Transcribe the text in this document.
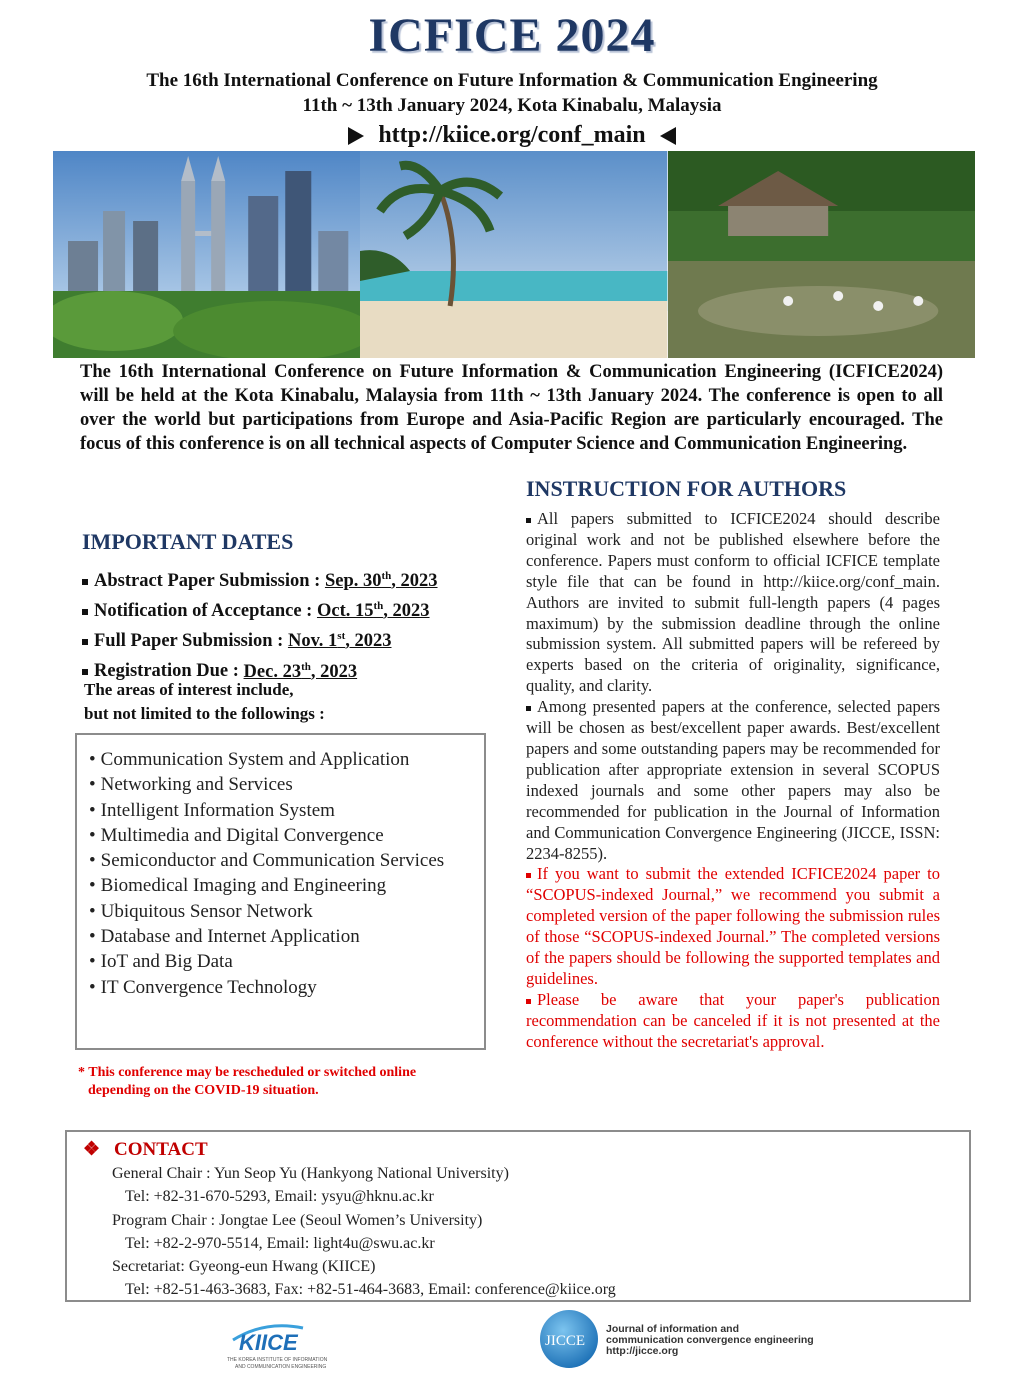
ICFICE 2024
The 16th International Conference on Future Information & Communication Engineering
11th ~ 13th January 2024, Kota Kinabalu, Malaysia
http://kiice.org/conf_main
The 16th International Conference on Future Information & Communication Engineering (ICFICE2024) will be held at the Kota Kinabalu, Malaysia from 11th ~ 13th January 2024. The conference is open to all over the world but participations from Europe and Asia-Pacific Region are particularly encouraged. The focus of this conference is on all technical aspects of Computer Science and Communication Engineering.
INSTRUCTION FOR AUTHORS
IMPORTANT DATES
Abstract Paper Submission : Sep. 30th, 2023
Notification of Acceptance : Oct. 15th, 2023
Full Paper Submission : Nov. 1st, 2023
Registration Due : Dec. 23th, 2023
The areas of interest include,
but not limited to the followings :
• Communication System and Application
• Networking and Services
• Intelligent Information System
• Multimedia and Digital Convergence
• Semiconductor and Communication Services
• Biomedical Imaging and Engineering
• Ubiquitous Sensor Network
• Database and Internet Application
• IoT and Big Data
• IT Convergence Technology
* This conference may be rescheduled or switched online
depending on the COVID-19 situation.

All papers submitted to ICFICE2024 should describe original work and not be published elsewhere before the conference. Papers must conform to official ICFICE template style file that can be found in http://kiice.org/conf_main. Authors are invited to submit full-length papers (4 pages maximum) by the submission deadline through the online submission system. All submitted papers will be refereed by experts based on the criteria of originality, significance, quality, and clarity.

Among presented papers at the conference, selected papers will be chosen as best/excellent paper awards. Best/excellent papers and some outstanding papers may be recommended for publication after appropriate extension in several SCOPUS indexed journals and some other papers may also be recommended for publication in the Journal of Information and Communication Convergence Engineering (JICCE, ISSN: 2234-8255).

If you want to submit the extended ICFICE2024 paper to “SCOPUS-indexed Journal,” we recommend you submit a completed version of the paper following the submission rules of those “SCOPUS-indexed Journal.” The completed versions of the papers should be following the supported templates and guidelines.

Please be aware that your paper's publication recommendation can be canceled if it is not presented at the conference without the secretariat's approval.

❖ CONTACT
General Chair : Yun Seop Yu (Hankyong National University)
Tel: +82-31-670-5293, Email: ysyu@hknu.ac.kr
Program Chair : Jongtae Lee (Seoul Women’s University)
Tel: +82-2-970-5514, Email: light4u@swu.ac.kr
Secretariat: Gyeong-eun Hwang (KIICE)
Tel: +82-51-463-3683, Fax: +82-51-464-3683, Email: conference@kiice.org
KIICE
THE KOREA INSTITUTE OF INFORMATION
AND COMMUNICATION ENGINEERING
JICCE
Journal of information and
communication convergence engineering
http://jicce.org
